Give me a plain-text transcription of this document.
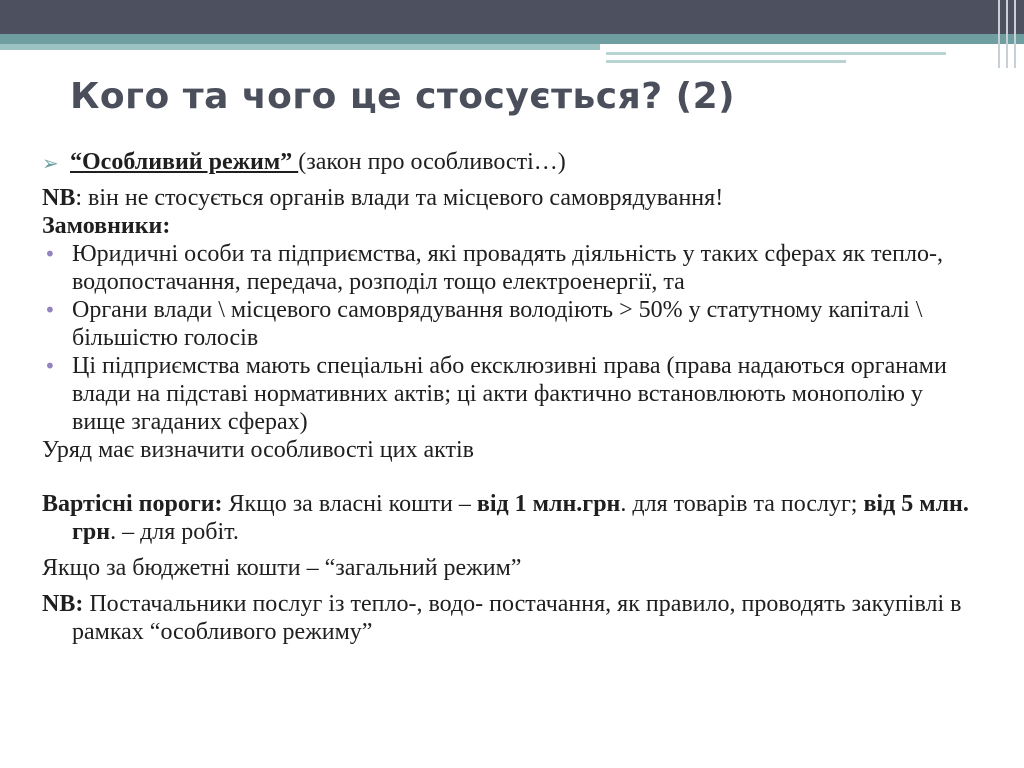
Кого та чого це стосується? (2)
➢ “Особливий режим” (закон про особливості…)
NB: він не стосується органів влади та місцевого самоврядування!
Замовники:
• Юридичні особи та підприємства, які провадять діяльність у таких сферах як тепло-, водопостачання, передача, розподіл тощо електроенергії, та
• Органи влади \ місцевого самоврядування володіють > 50% у статутному капіталі \ більшістю голосів
• Ці підприємства мають спеціальні або ексклюзивні права (права надаються органами влади на підставі нормативних актів; ці акти фактично встановлюють монополію у вище згаданих сферах)
Уряд має визначити особливості цих актів
Вартісні пороги: Якщо за власні кошти – від 1 млн.грн. для товарів та послуг; від 5 млн. грн. – для робіт.
Якщо за бюджетні кошти – “загальний режим”
NB: Постачальники послуг із тепло-, водо- постачання, як правило, проводять закупівлі в рамках “особливого режиму”
